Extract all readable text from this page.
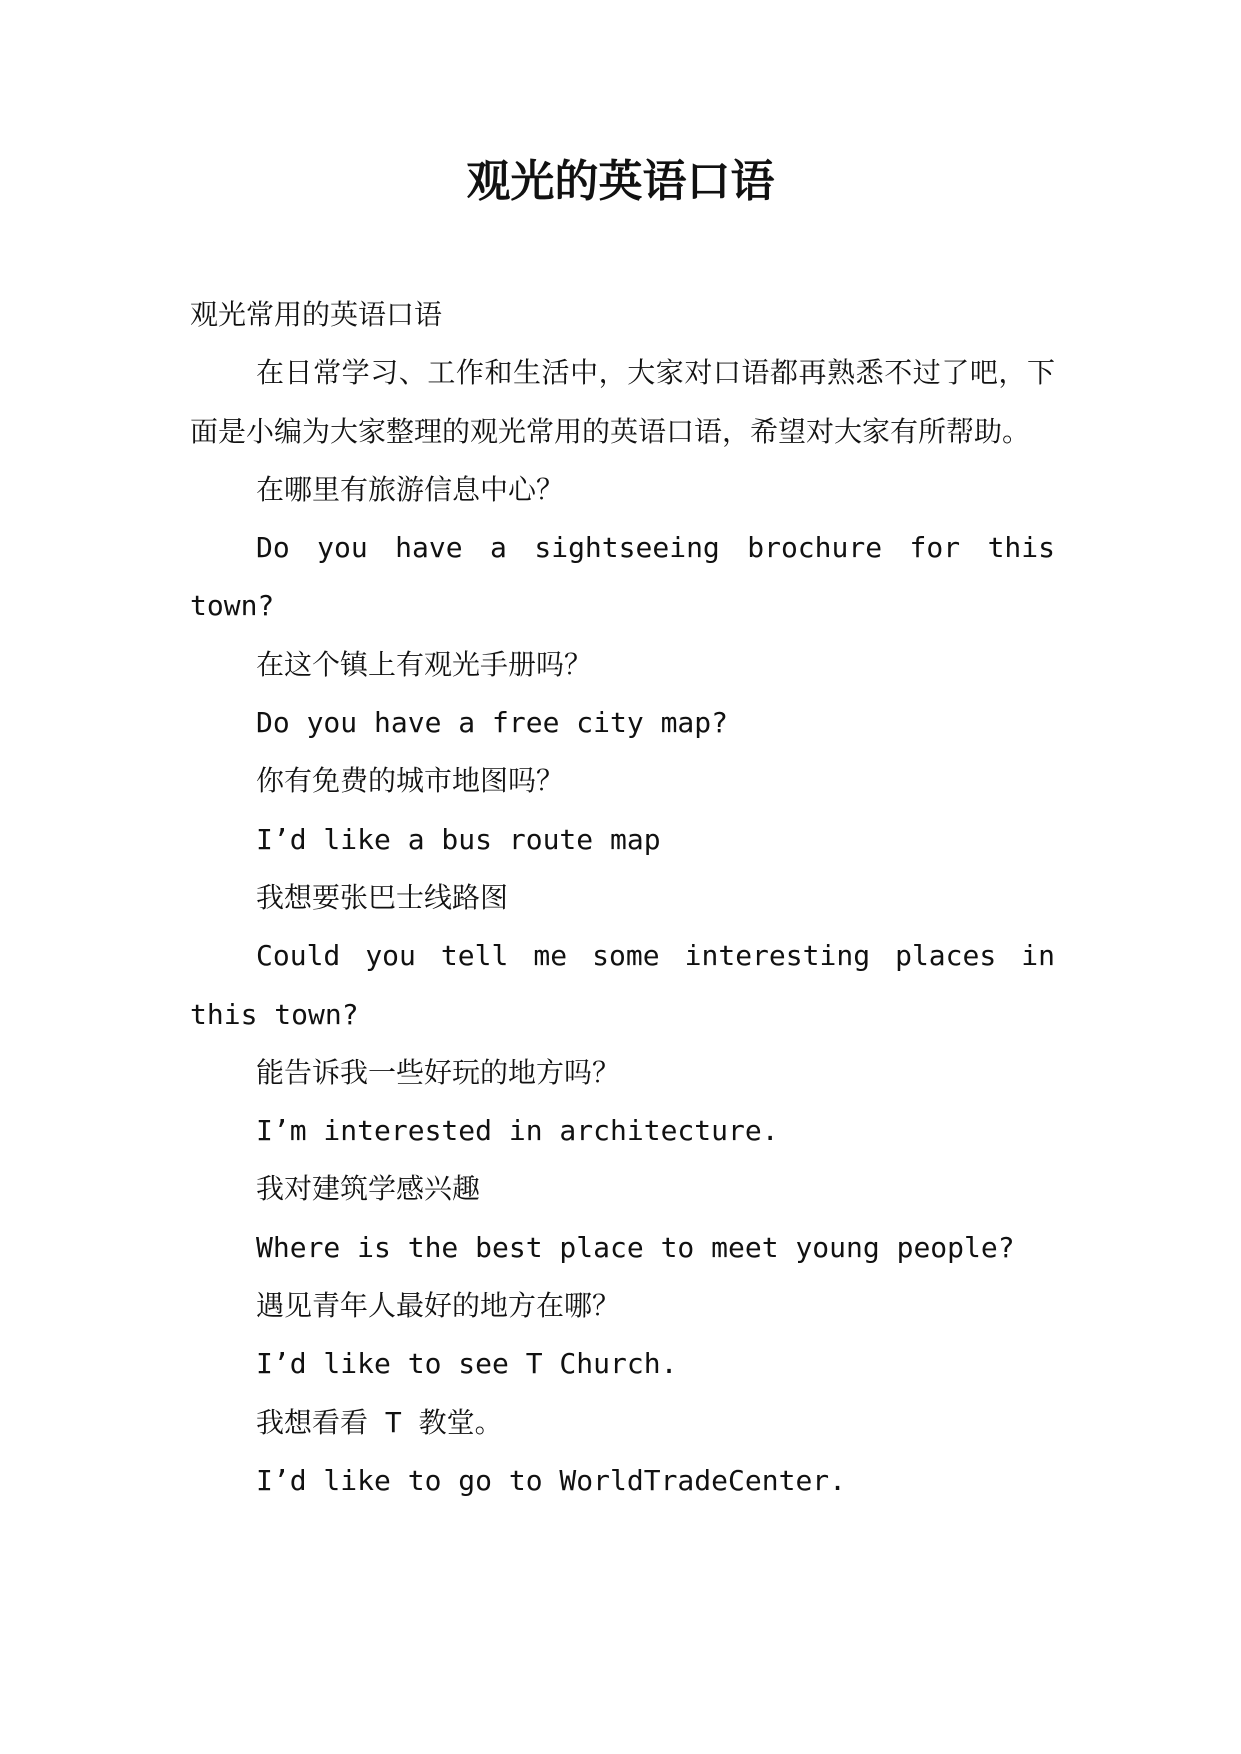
观光的英语口语

观光常用的英语口语

在日常学习、工作和生活中，大家对口语都再熟悉不过了吧，下面是小编为大家整理的观光常用的英语口语，希望对大家有所帮助。

在哪里有旅游信息中心？

Do you have a sightseeing brochure for this town?

在这个镇上有观光手册吗？

Do you have a free city map?

你有免费的城市地图吗？

I’d like a bus route map

我想要张巴士线路图

Could you tell me some interesting places in this town?

能告诉我一些好玩的地方吗？

I’m interested in architecture.

我对建筑学感兴趣

Where is the best place to meet young people?

遇见青年人最好的地方在哪？

I’d like to see T Church.

我想看看 T 教堂。

I’d like to go to WorldTradeCenter.
